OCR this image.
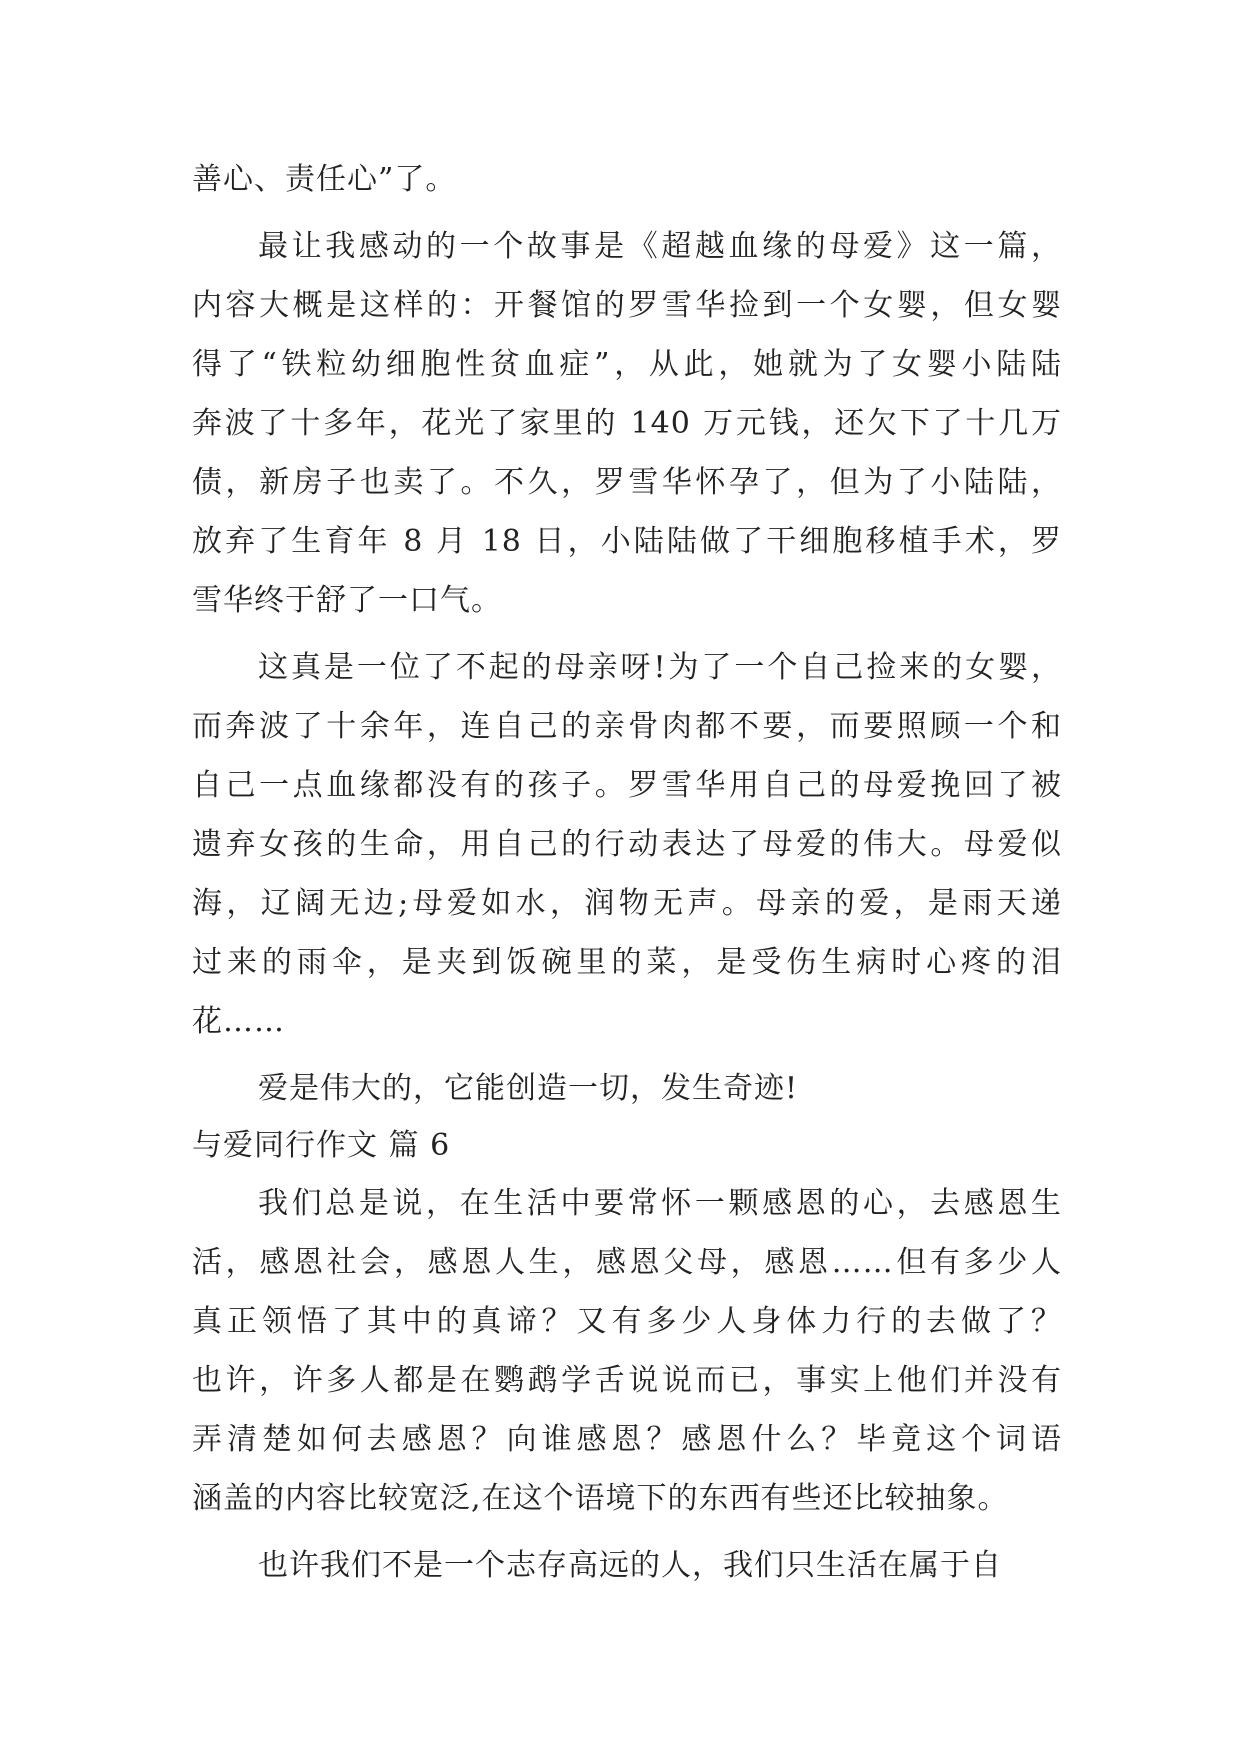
善心、责任心”了。
最让我感动的一个故事是《超越血缘的母爱》这一篇，
内容大概是这样的：开餐馆的罗雪华捡到一个女婴，但女婴
得了“铁粒幼细胞性贫血症”，从此，她就为了女婴小陆陆
奔波了十多年，花光了家里的 140 万元钱，还欠下了十几万
债，新房子也卖了。不久，罗雪华怀孕了，但为了小陆陆，
放弃了生育年 8 月 18 日，小陆陆做了干细胞移植手术，罗
雪华终于舒了一口气。
这真是一位了不起的母亲呀!为了一个自己捡来的女婴，
而奔波了十余年，连自己的亲骨肉都不要，而要照顾一个和
自己一点血缘都没有的孩子。罗雪华用自己的母爱挽回了被
遗弃女孩的生命，用自己的行动表达了母爱的伟大。母爱似
海，辽阔无边;母爱如水，润物无声。母亲的爱，是雨天递
过来的雨伞，是夹到饭碗里的菜，是受伤生病时心疼的泪
花……
爱是伟大的，它能创造一切，发生奇迹!
与爱同行作文 篇 6
我们总是说，在生活中要常怀一颗感恩的心，去感恩生
活，感恩社会，感恩人生，感恩父母，感恩……但有多少人
真正领悟了其中的真谛？又有多少人身体力行的去做了？
也许，许多人都是在鹦鹉学舌说说而已，事实上他们并没有
弄清楚如何去感恩？向谁感恩？感恩什么？毕竟这个词语
涵盖的内容比较宽泛,在这个语境下的东西有些还比较抽象。
也许我们不是一个志存高远的人，我们只生活在属于自
